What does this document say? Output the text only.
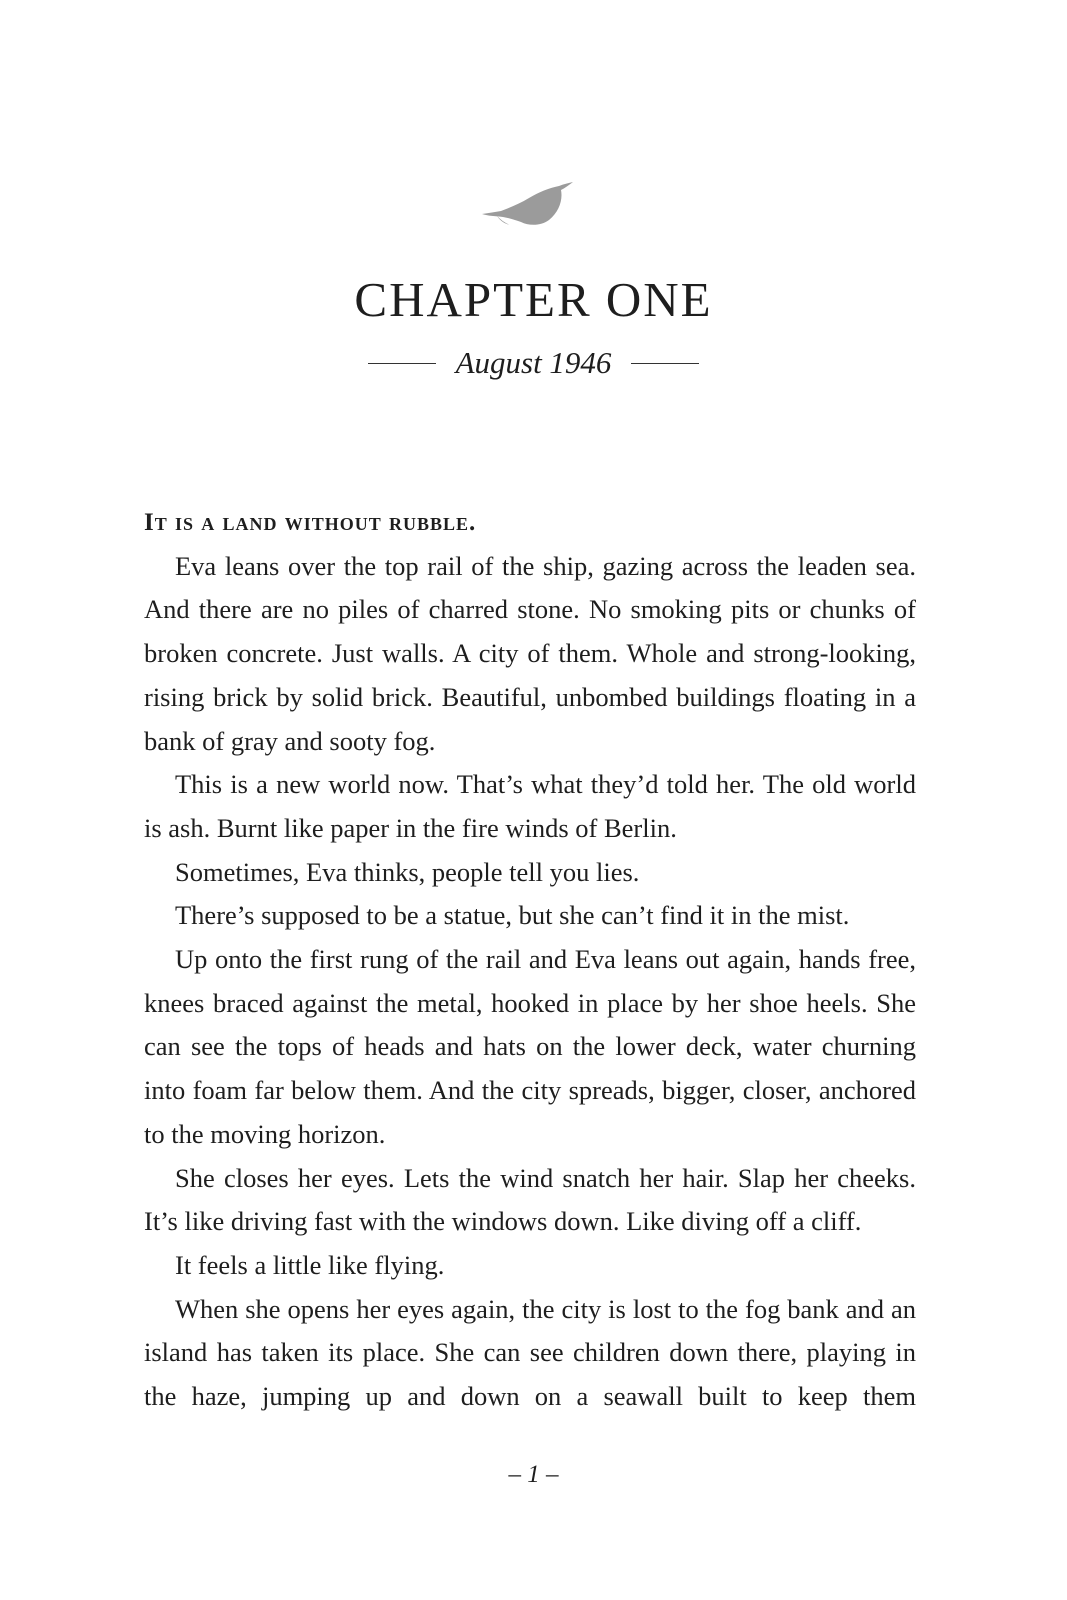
CHAPTER ONE
August 1946

It is a land without rubble.

Eva leans over the top rail of the ship, gazing across the leaden sea. And there are no piles of charred stone. No smoking pits or chunks of broken concrete. Just walls. A city of them. Whole and strong-looking, rising brick by solid brick. Beautiful, unbombed buildings floating in a bank of gray and sooty fog.

This is a new world now. That’s what they’d told her. The old world is ash. Burnt like paper in the fire winds of Berlin.

Sometimes, Eva thinks, people tell you lies.

There’s supposed to be a statue, but she can’t find it in the mist.

Up onto the first rung of the rail and Eva leans out again, hands free, knees braced against the metal, hooked in place by her shoe heels. She can see the tops of heads and hats on the lower deck, water churning into foam far below them. And the city spreads, bigger, closer, anchored to the moving horizon.

She closes her eyes. Lets the wind snatch her hair. Slap her cheeks. It’s like driving fast with the windows down. Like diving off a cliff.

It feels a little like flying.

When she opens her eyes again, the city is lost to the fog bank and an island has taken its place. She can see children down there, playing in the haze, jumping up and down on a seawall built to keep them

– 1 –
